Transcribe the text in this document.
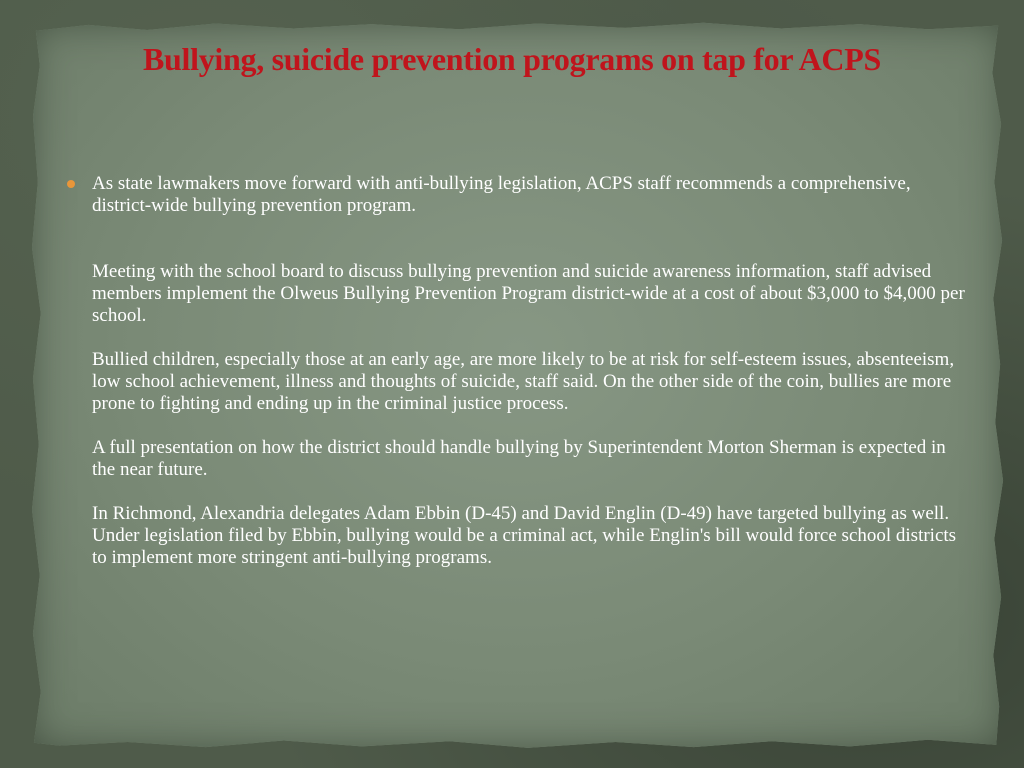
Bullying, suicide prevention programs on tap for ACPS

As state lawmakers move forward with anti-bullying legislation, ACPS staff recommends a comprehensive, district-wide bullying prevention program.

Meeting with the school board to discuss bullying prevention and suicide awareness information, staff advised members implement the Olweus Bullying Prevention Program district-wide at a cost of about $3,000 to $4,000 per school.

Bullied children, especially those at an early age, are more likely to be at risk for self-esteem issues, absenteeism, low school achievement, illness and thoughts of suicide, staff said. On the other side of the coin, bullies are more prone to fighting and ending up in the criminal justice process.

A full presentation on how the district should handle bullying by Superintendent Morton Sherman is expected in the near future.

In Richmond, Alexandria delegates Adam Ebbin (D-45) and David Englin (D-49) have targeted bullying as well. Under legislation filed by Ebbin, bullying would be a criminal act, while Englin's bill would force school districts to implement more stringent anti-bullying programs.
